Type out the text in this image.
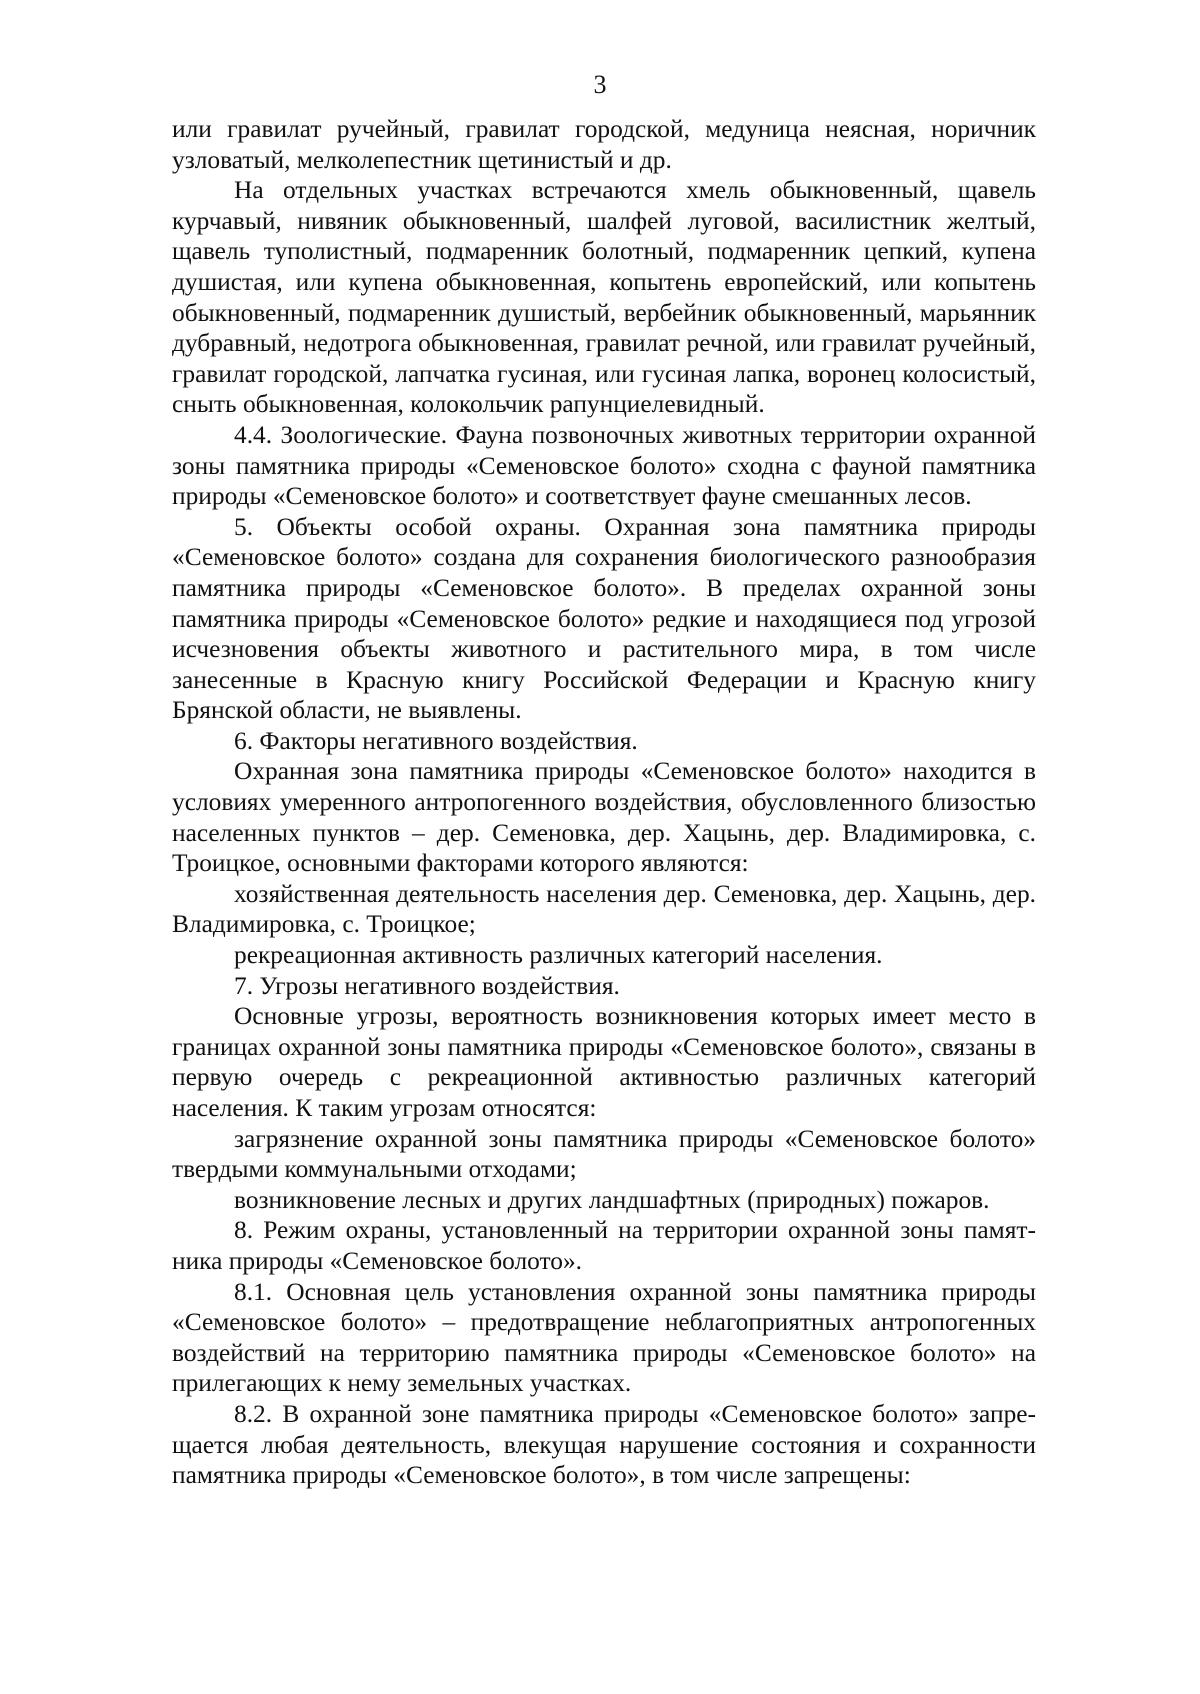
3

или гравилат ручейный, гравилат городской, медуница неясная, норичник узловатый, мелколепестник щетинистый и др.

На отдельных участках встречаются хмель обыкновенный, щавель курчавый, нивяник обыкновенный, шалфей луговой, василистник желтый, щавель туполистный, подмаренник болотный, подмаренник цепкий, купена душистая, или купена обыкновенная, копытень европейский, или копытень обыкновенный, подмаренник душистый, вербейник обыкновенный, марьянник дубравный, недотрога обыкновенная, гравилат речной, или гравилат ручейный, гравилат городской, лапчатка гусиная, или гусиная лапка, воронец колосистый, сныть обыкновенная, колокольчик рапунциелевидный.

4.4. Зоологические. Фауна позвоночных животных территории охранной зоны памятника природы «Семеновское болото» сходна с фауной памятника природы «Семеновское болото» и соответствует фауне смешанных лесов.

5. Объекты особой охраны. Охранная зона памятника природы «Семеновское болото» создана для сохранения биологического разнообразия памятника природы «Семеновское болото». В пределах охранной зоны памятника природы «Семеновское болото» редкие и находящиеся под угрозой исчезновения объекты животного и растительного мира, в том числе занесенные в Красную книгу Российской Федерации и Красную книгу Брянской области, не выявлены.

6. Факторы негативного воздействия.

Охранная зона памятника природы «Семеновское болото» находится в условиях умеренного антропогенного воздействия, обусловленного близостью населенных пунктов – дер. Семеновка, дер. Хацынь, дер. Владимировка, с. Троицкое, основными факторами которого являются:

хозяйственная деятельность населения дер. Семеновка, дер. Хацынь, дер. Владимировка, с. Троицкое;

рекреационная активность различных категорий населения.

7. Угрозы негативного воздействия.

Основные угрозы, вероятность возникновения которых имеет место в границах охранной зоны памятника природы «Семеновское болото», связаны в первую очередь с рекреационной активностью различных категорий населения. К таким угрозам относятся:

загрязнение охранной зоны памятника природы «Семеновское болото» твердыми коммунальными отходами;

возникновение лесных и других ландшафтных (природных) пожаров.

8. Режим охраны, установленный на территории охранной зоны памятника природы «Семеновское болото».

8.1. Основная цель установления охранной зоны памятника природы «Семеновское болото» – предотвращение неблагоприятных антропогенных воздействий на территорию памятника природы «Семеновское болото» на прилегающих к нему земельных участках.

8.2. В охранной зоне памятника природы «Семеновское болото» запрещается любая деятельность, влекущая нарушение состояния и сохранности памятника природы «Семеновское болото», в том числе запрещены:
